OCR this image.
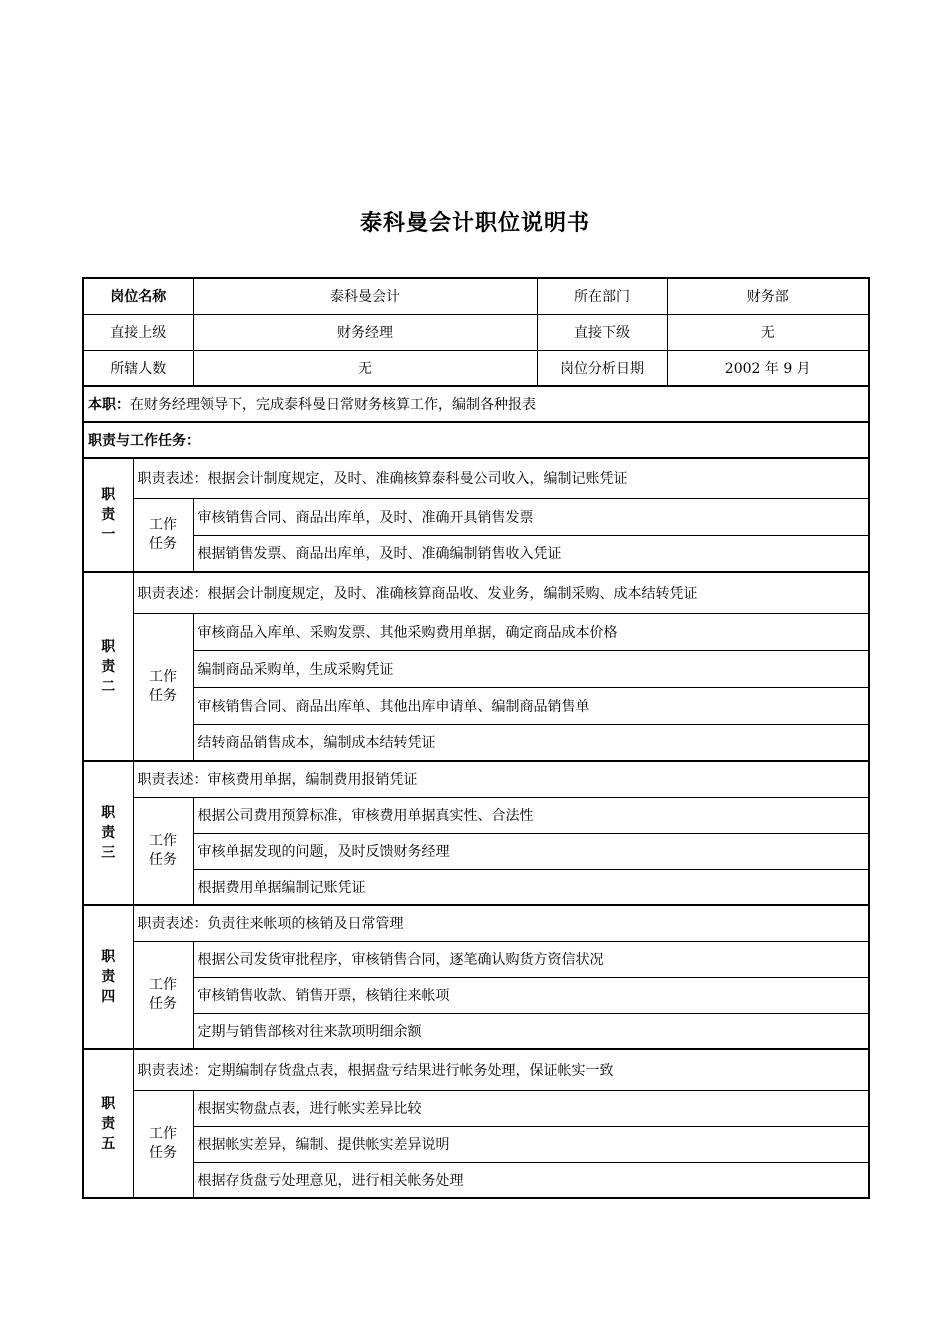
泰科曼会计职位说明书
岗位名称		泰科曼会计	所在部门	财务部
直接上级		财务经理	直接下级	无
所辖人数		无	岗位分析日期	2002 年 9 月
本职：在财务经理领导下，完成泰科曼日常财务核算工作，编制各种报表				
职责与工作任务：				

职
责
一	职责表述：根据会计制度规定，及时、准确核算泰科曼公司收入，编制记账凭证			

	工作
任务	审核销售合同、商品出库单，及时、准确开具销售发票		
		根据销售发票、商品出库单，及时、准确编制销售收入凭证		

职
责
二	职责表述：根据会计制度规定，及时、准确核算商品收、发业务，编制采购、成本结转凭证			

	工作
任务	审核商品入库单、采购发票、其他采购费用单据，确定商品成本价格		
		编制商品采购单，生成采购凭证		
		审核销售合同、商品出库单、其他出库申请单、编制商品销售单		
		结转商品销售成本，编制成本结转凭证		

职
责
三	职责表述：审核费用单据，编制费用报销凭证			

	工作
任务	根据公司费用预算标准，审核费用单据真实性、合法性		
		审核单据发现的问题，及时反馈财务经理		
		根据费用单据编制记账凭证		

职
责
四	职责表述：负责往来帐项的核销及日常管理			

	工作
任务	根据公司发货审批程序，审核销售合同，逐笔确认购货方资信状况		
		审核销售收款、销售开票，核销往来帐项		
		定期与销售部核对往来款项明细余额		

职
责
五	职责表述：定期编制存货盘点表，根据盘亏结果进行帐务处理，保证帐实一致			

	工作
任务	根据实物盘点表，进行帐实差异比较		
		根据帐实差异，编制、提供帐实差异说明		
		根据存货盘亏处理意见，进行相关帐务处理		
